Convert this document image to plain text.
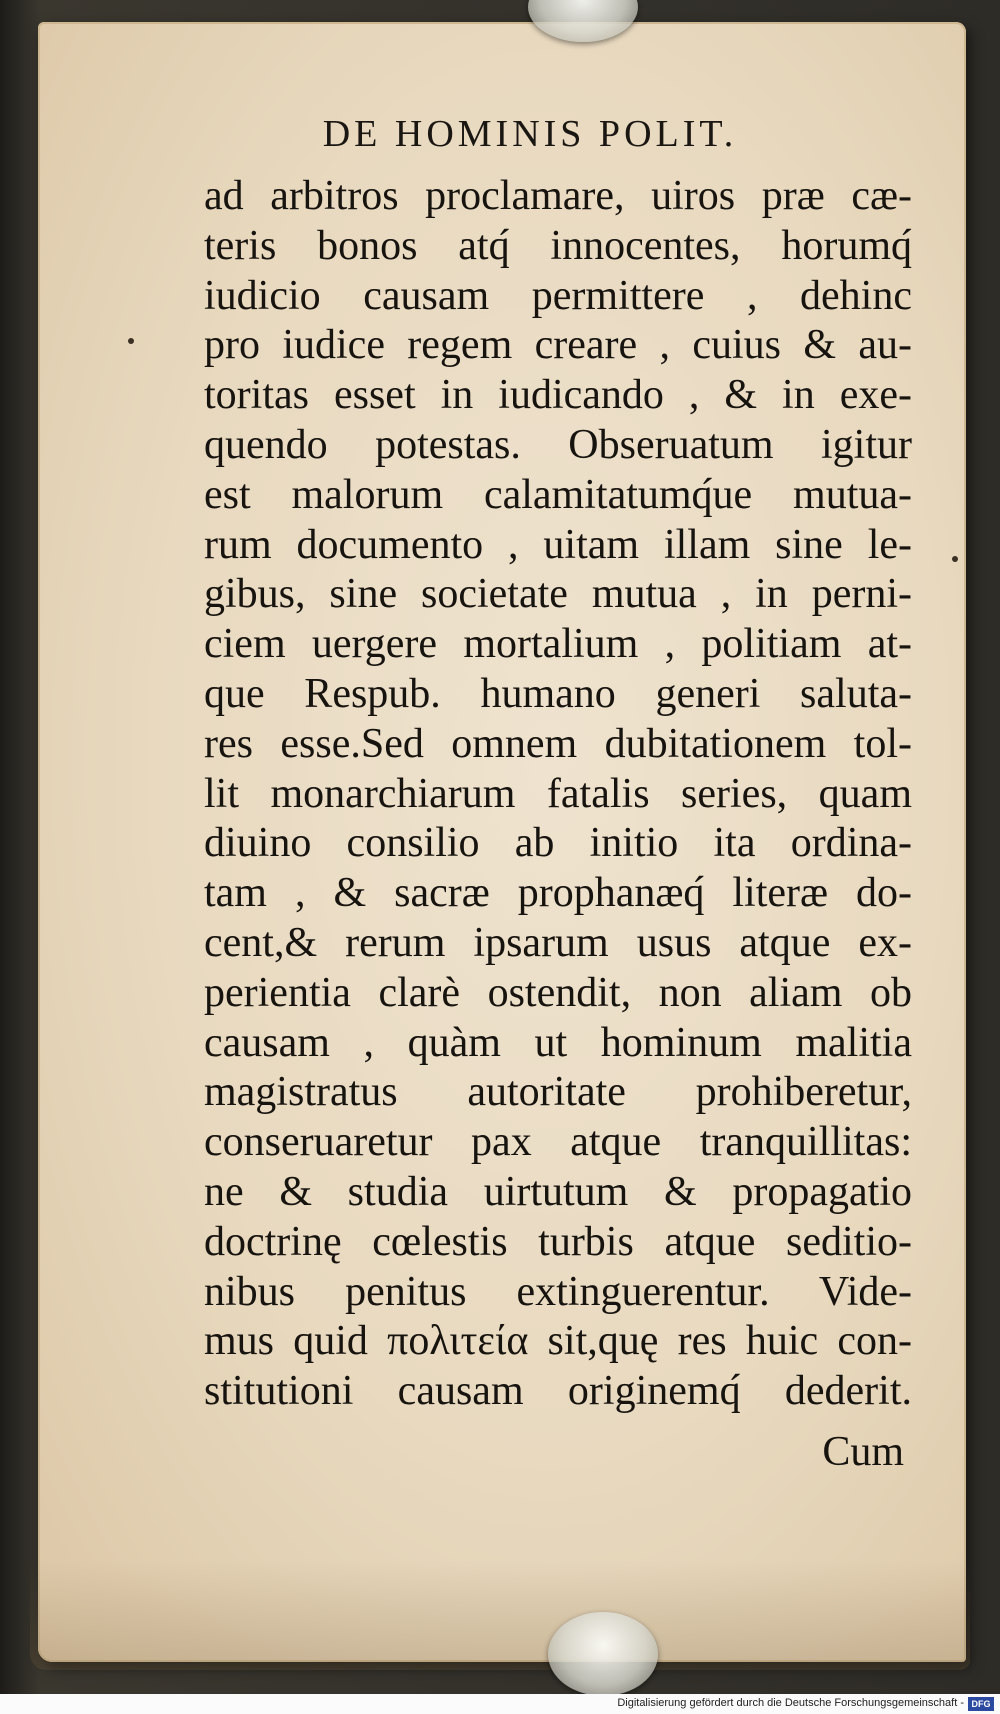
DE HOMINIS POLIT.
ad arbitros proclamare, uiros præ cæ-
teris bonos atq́ innocentes, horumq́
iudicio causam permittere , dehinc
pro iudice regem creare , cuius & au-
toritas esset in iudicando , & in exe-
quendo potestas. Obseruatum igitur
est malorum calamitatumq́ue mutua-
rum documento , uitam illam sine le-
gibus, sine societate mutua , in perni-
ciem uergere mortalium , politiam at-
que Respub. humano generi saluta-
res esse.Sed omnem dubitationem tol-
lit monarchiarum fatalis series, quam
diuino consilio ab initio ita ordina-
tam , & sacræ prophanæq́ literæ do-
cent,& rerum ipsarum usus atque ex-
perientia clarè ostendit, non aliam ob
causam , quàm ut hominum malitia
magistratus autoritate prohiberetur,
conseruaretur pax atque tranquillitas:
ne & studia uirtutum & propagatio
doctrinę cœlestis turbis atque seditio-
nibus penitus extinguerentur. Vide-
mus quid πολιτεία sit,quę res huic con-
stitutioni causam originemq́ dederit.
Cum
Digitalisierung gefördert durch die Deutsche Forschungsgemeinschaft - DFG
